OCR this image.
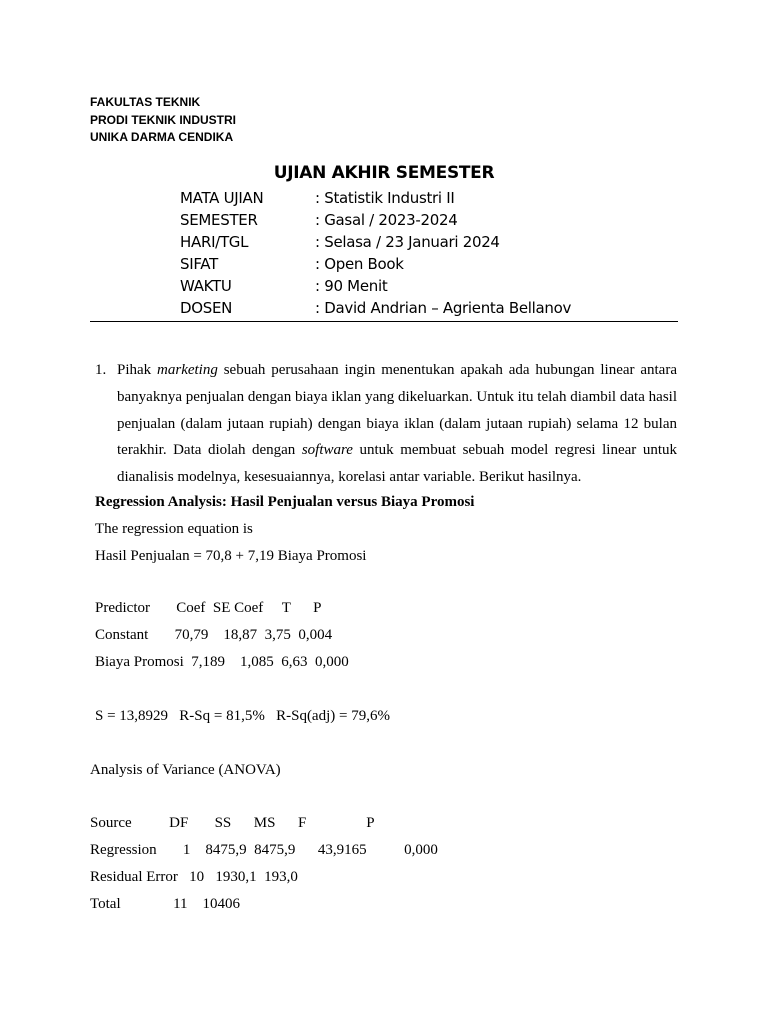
FAKULTAS TEKNIK
PRODI TEKNIK INDUSTRI
UNIKA DARMA CENDIKA
UJIAN AKHIR SEMESTER
MATA UJIAN	: Statistik Industri II
SEMESTER	: Gasal / 2023-2024
HARI/TGL	: Selasa / 23 Januari 2024
SIFAT	: Open Book
WAKTU	: 90 Menit
DOSEN	: David Andrian – Agrienta Bellanov
1. Pihak marketing sebuah perusahaan ingin menentukan apakah ada hubungan linear antara banyaknya penjualan dengan biaya iklan yang dikeluarkan. Untuk itu telah diambil data hasil penjualan (dalam jutaan rupiah) dengan biaya iklan (dalam jutaan rupiah) selama 12 bulan terakhir. Data diolah dengan software untuk membuat sebuah model regresi linear untuk dianalisis modelnya, kesesuaiannya, korelasi antar variable. Berikut hasilnya.
Regression Analysis: Hasil Penjualan versus Biaya Promosi
The regression equation is
Hasil Penjualan = 70,8 + 7,19 Biaya Promosi
Predictor       Coef  SE Coef     T      P
Constant       70,79    18,87  3,75  0,004
Biaya Promosi  7,189    1,085  6,63  0,000
S = 13,8929   R-Sq = 81,5%   R-Sq(adj) = 79,6%
Analysis of Variance (ANOVA)
Source          DF       SS      MS      F                P
Regression       1    8475,9  8475,9      43,9165          0,000
Residual Error   10   1930,1  193,0
Total              11    10406
